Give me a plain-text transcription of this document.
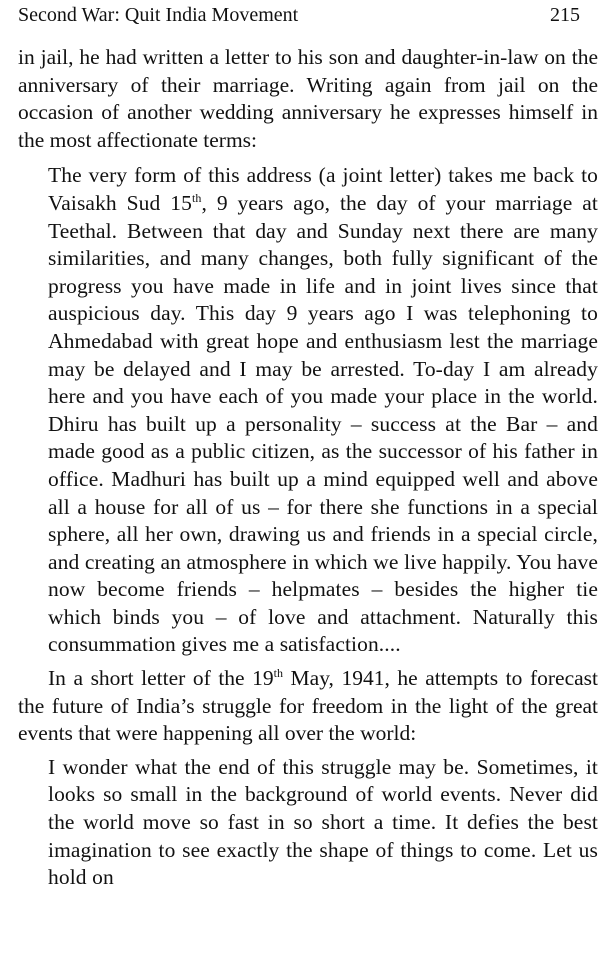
Second War: Quit India Movement	215

in jail, he had written a letter to his son and daughter-in-law on the anniversary of their marriage. Writing again from jail on the occasion of another wedding anniversary he expresses himself in the most affectionate terms:

The very form of this address (a joint letter) takes me back to Vaisakh Sud 15th, 9 years ago, the day of your marriage at Teethal. Between that day and Sunday next there are many similarities, and many changes, both fully significant of the progress you have made in life and in joint lives since that auspicious day. This day 9 years ago I was telephoning to Ahmedabad with great hope and enthusiasm lest the marriage may be delayed and I may be arrested. To-day I am already here and you have each of you made your place in the world. Dhiru has built up a personality – success at the Bar – and made good as a public citizen, as the successor of his father in office. Madhuri has built up a mind equipped well and above all a house for all of us – for there she functions in a special sphere, all her own, drawing us and friends in a special circle, and creating an atmosphere in which we live happily. You have now become friends – helpmates – besides the higher tie which binds you – of love and attachment. Naturally this consummation gives me a satisfaction....

In a short letter of the 19th May, 1941, he attempts to forecast the future of India’s struggle for freedom in the light of the great events that were happening all over the world:

I wonder what the end of this struggle may be. Sometimes, it looks so small in the background of world events. Never did the world move so fast in so short a time. It defies the best imagination to see exactly the shape of things to come. Let us hold on
